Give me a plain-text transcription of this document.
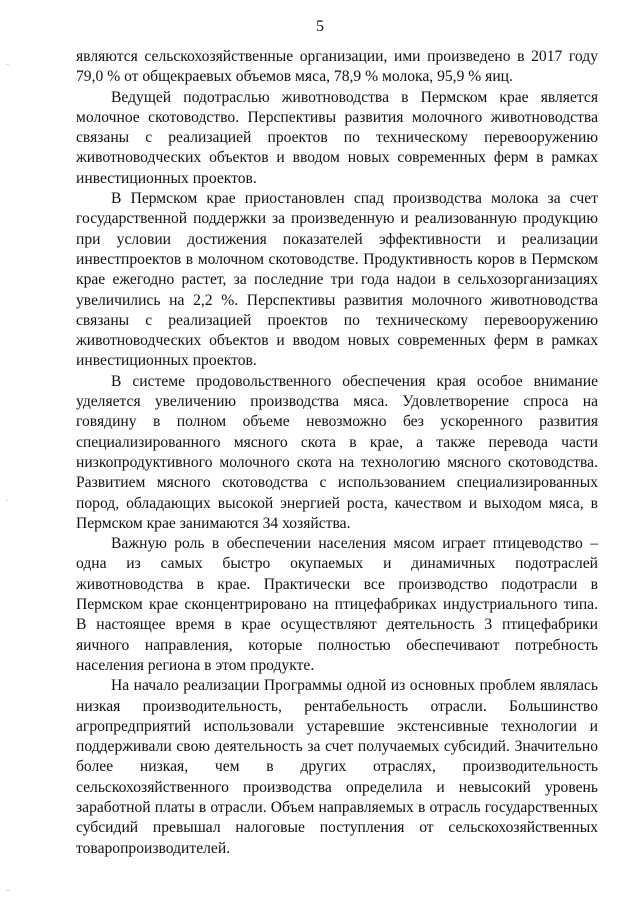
5

являются сельскохозяйственные организации, ими произведено в 2017 году 79,0 % от общекраевых объемов мяса, 78,9 % молока, 95,9 % яиц.

Ведущей подотраслью животноводства в Пермском крае является молочное скотоводство. Перспективы развития молочного животноводства связаны с реализацией проектов по техническому перевооружению животноводческих объектов и вводом новых современных ферм в рамках инвестиционных проектов.

В Пермском крае приостановлен спад производства молока за счет государственной поддержки за произведенную и реализованную продукцию при условии достижения показателей эффективности и реализации инвестпроектов в молочном скотоводстве. Продуктивность коров в Пермском крае ежегодно растет, за последние три года надои в сельхозорганизациях увеличились на 2,2 %. Перспективы развития молочного животноводства связаны с реализацией проектов по техническому перевооружению животноводческих объектов и вводом новых современных ферм в рамках инвестиционных проектов.

В системе продовольственного обеспечения края особое внимание уделяется увеличению производства мяса. Удовлетворение спроса на говядину в полном объеме невозможно без ускоренного развития специализированного мясного скота в крае, а также перевода части низкопродуктивного молочного скота на технологию мясного скотоводства. Развитием мясного скотоводства с использованием специализированных пород, обладающих высокой энергией роста, качеством и выходом мяса, в Пермском крае занимаются 34 хозяйства.

Важную роль в обеспечении населения мясом играет птицеводство – одна из самых быстро окупаемых и динамичных подотраслей животноводства в крае. Практически все производство подотрасли в Пермском крае сконцентрировано на птицефабриках индустриального типа. В настоящее время в крае осуществляют деятельность 3 птицефабрики яичного направления, которые полностью обеспечивают потребность населения региона в этом продукте.

На начало реализации Программы одной из основных проблем являлась низкая производительность, рентабельность отрасли. Большинство агропредприятий использовали устаревшие экстенсивные технологии и поддерживали свою деятельность за счет получаемых субсидий. Значительно более низкая, чем в других отраслях, производительность сельскохозяйственного производства определила и невысокий уровень заработной платы в отрасли. Объем направляемых в отрасль государственных субсидий превышал налоговые поступления от сельскохозяйственных товаропроизводителей.
